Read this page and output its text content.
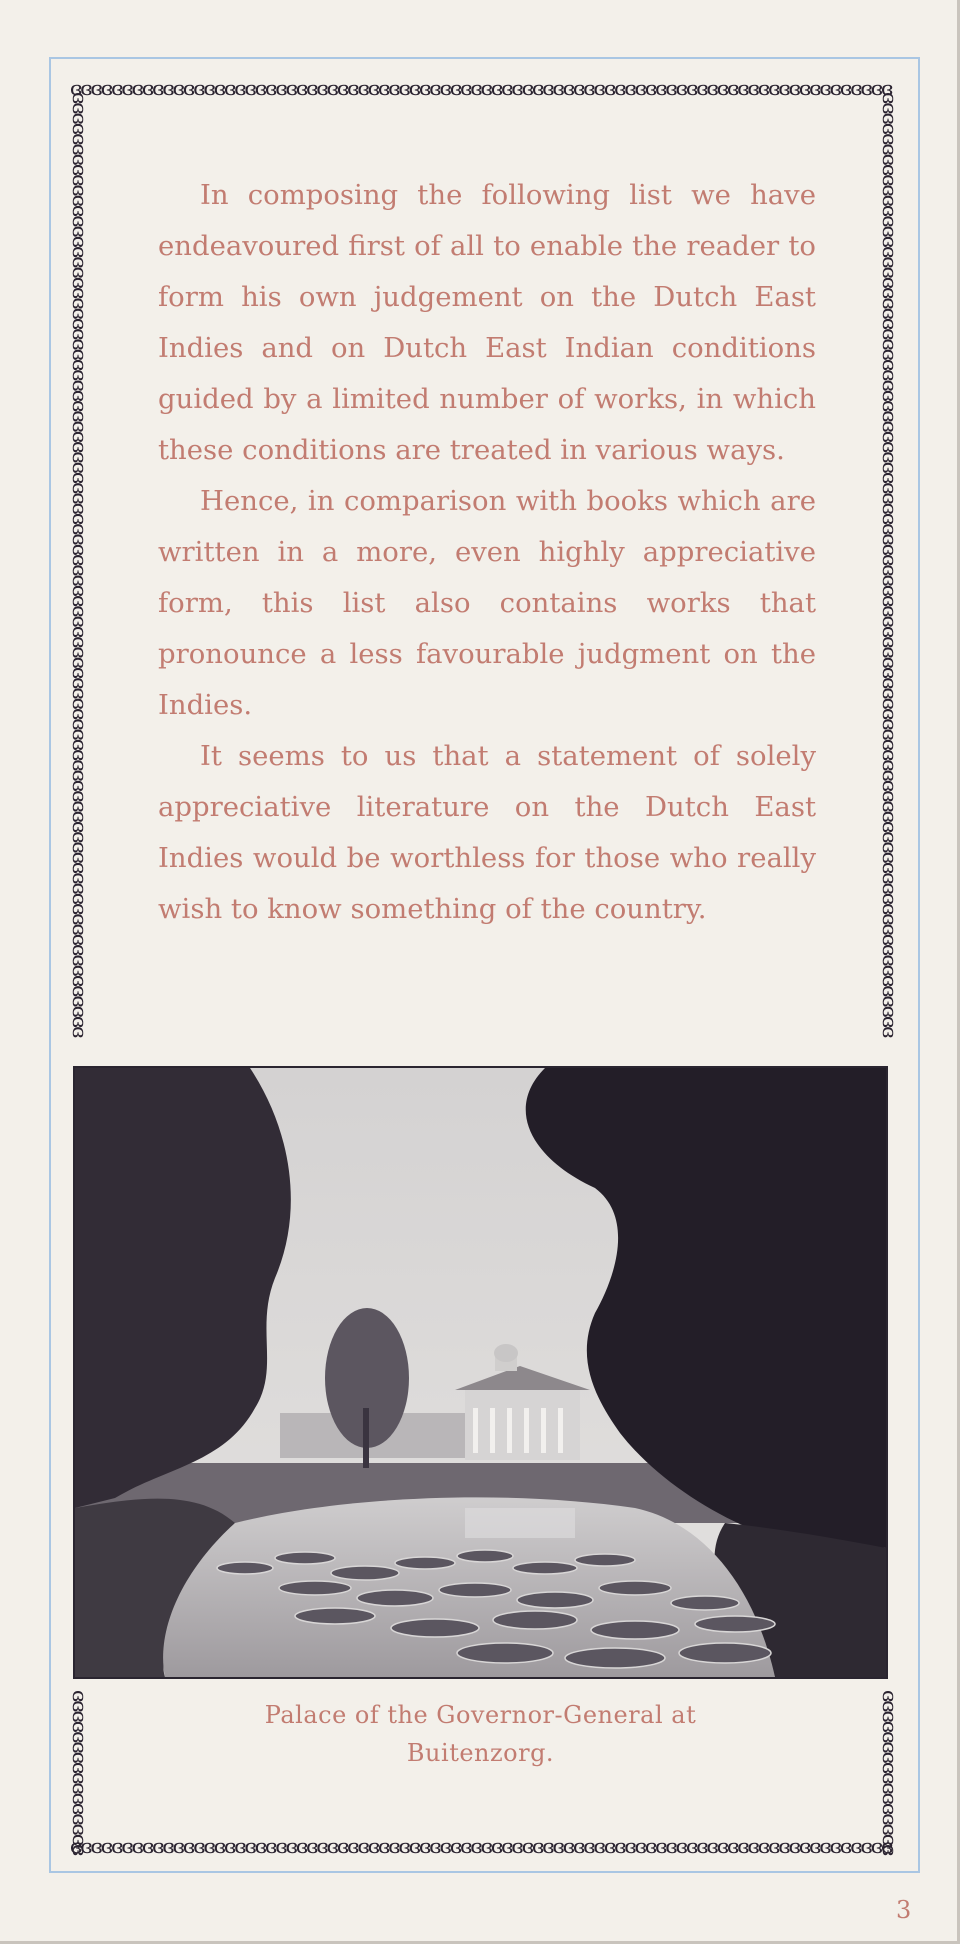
ɞɞɞɞɞɞɞɞɞɞɞɞɞɞɞɞɞɞɞɞɞɞɞɞɞɞɞɞɞɞɞɞɞɞɞɞɞɞɞɞɞɞɞɞɞɞɞɞɞɞɞɞɞɞɞɞɞɞɞɞɞɞɞɞɞɞɞɞɞɞɞɞɞɞɞɞɞɞɞɞ
ɞɞɞɞɞɞɞɞɞɞɞɞɞɞɞɞɞɞɞɞɞɞɞɞɞɞɞɞɞɞɞɞɞɞɞɞɞɞɞɞɞɞɞɞɞɞɞɞɞɞɞɞɞɞɞɞɞɞɞɞɞɞɞɞɞɞɞɞɞɞɞɞɞɞɞɞɞɞɞɞ
ɞɞɞɞɞɞɞɞɞɞɞɞɞɞɞɞɞɞɞɞɞɞɞɞɞɞɞɞɞɞɞɞɞɞɞɞɞɞɞɞɞɞɞɞɞɞɞɞɞɞɞɞɞɞɞɞɞɞɞɞɞɞɞɞɞɞɞɞɞɞɞɞɞɞɞɞɞɞɞɞɞɞɞɞɞɞɞɞɞɞɞɞ	ɞɞɞɞɞɞɞɞɞɞɞɞɞɞɞɞɞɞɞɞɞɞɞɞɞɞɞɞɞɞɞɞɞɞɞɞɞɞɞɞɞɞɞɞɞɞɞɞɞɞɞɞɞɞɞɞɞɞɞɞɞɞɞɞɞɞɞɞɞɞɞɞɞɞɞɞɞɞɞɞɞɞɞɞɞɞɞɞɞɞɞɞ
ɞɞɞɞɞɞɞɞɞɞɞɞɞɞɞɞ	ɞɞɞɞɞɞɞɞɞɞɞɞɞɞɞɞ

In composing the following list we have endeavoured first of all to enable the reader to form his own judgement on the Dutch East Indies and on Dutch East Indian conditions guided by a limited number of works, in which these conditions are treated in various ways.

Hence, in comparison with books which are written in a more, even highly appreciative form, this list also contains works that pronounce a less favourable judgment on the Indies.

It seems to us that a statement of solely appreciative literature on the Dutch East Indies would be worthless for those who really wish to know something of the country.

Palace of the Governor-General at
Buitenzorg.
3
